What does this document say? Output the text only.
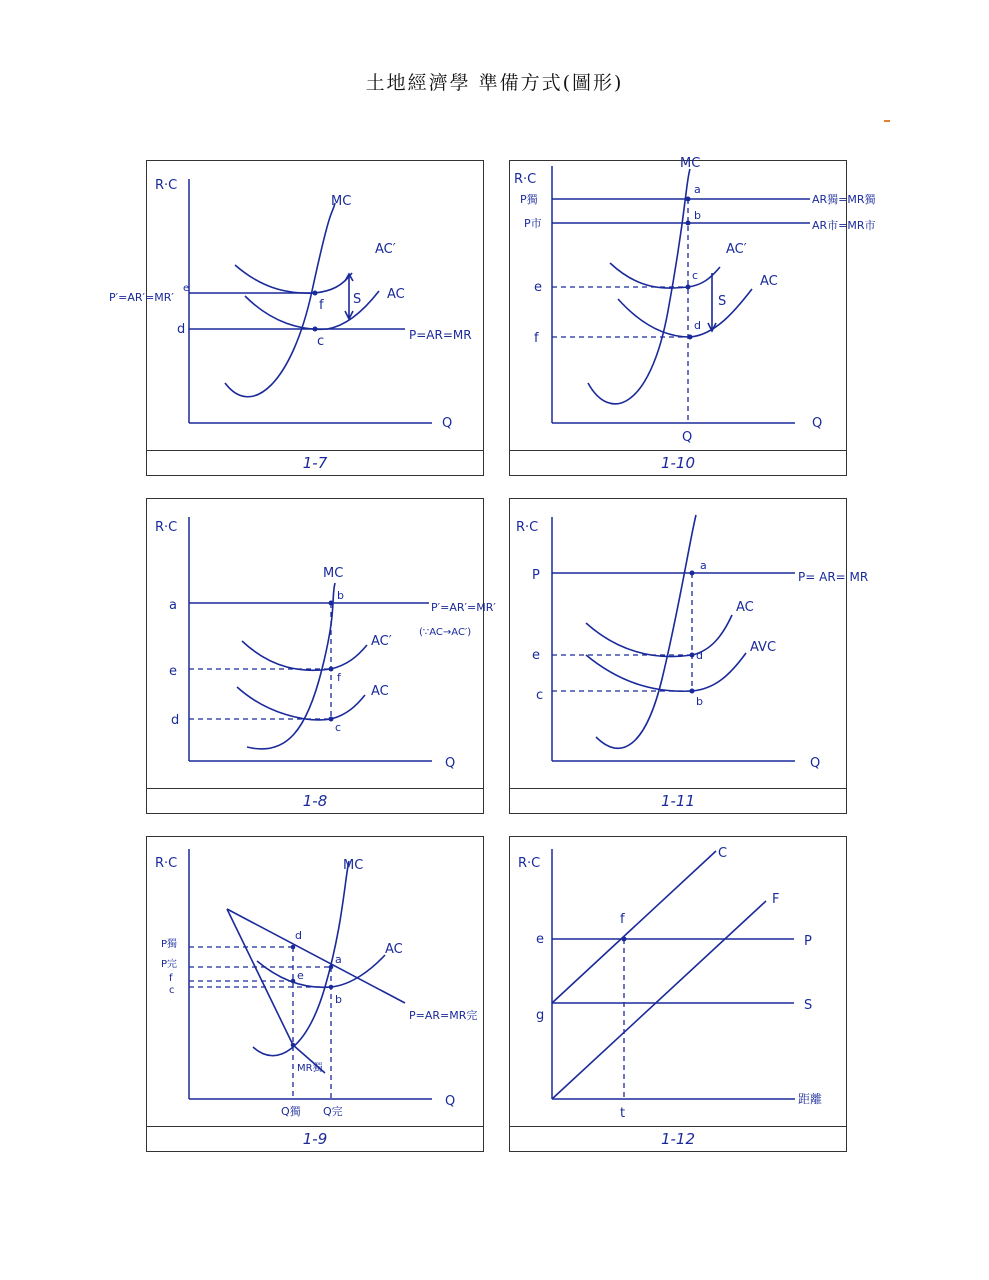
土地經濟學 準備方式(圖形)
R·C
Q
MC
AC′
AC
P′=AR′=MR′
e
d
f
c
S
P=AR=MR
1-7
R·C
Q
MC
P獨
P市
AR獨=MR獨
AR市=MR市
AC′
AC
e
f
a
b
c
d
S
Q
1-10
R·C
Q
MC
P′=AR′=MR′
(∵AC→AC′)
AC′
AC
a
e
d
b
f
c
1-8
R·C
Q
P= AR= MR
AC
AVC
P
e
c
a
d
b
1-11
R·C
Q
MC
P=AR=MR完
MR獨
AC
P獨
P完
f
c
d
a
e
b
Q獨 Q完
1-9
R·C
距離
C
F
P
S
e
g
f
t
1-12
